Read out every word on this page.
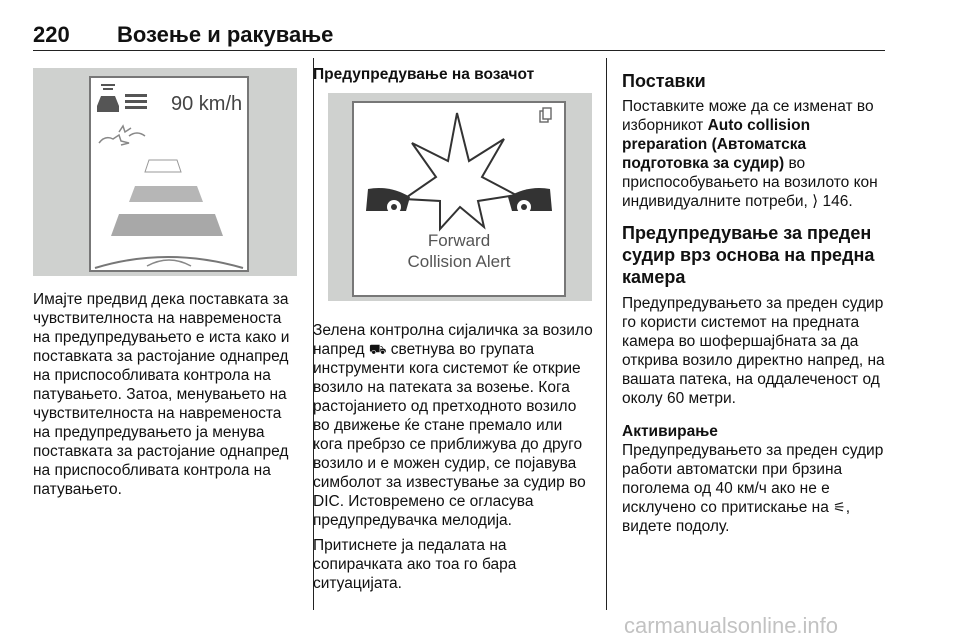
220 Возење и ракување
90 km/h
Имајте предвид дека поставката за чувствителноста на навременоста на предупредувањето е иста како и поставката за растојание однапред на приспособливата контрола на патувањето. Затоа, менувањето на чувствителноста на навременоста на предупредувањето ја менува поставката за растојание однапред на приспособливата контрола на патувањето.
Предупредување на возачот
Forward
Collision Alert

Зелена контролна сијаличка за возило напред ⛟ светнува во групата инструменти кога системот ќе открие возило на патеката за возење. Кога растојанието од претходното возило во движење ќе стане премало или кога пребрзо се приближува до друго возило и е можен судир, се појавува симболот за известување за судир во DIC. Истовремено се огласува предупредувачка мелодија.

Притиснете ја педалата на сопирачката ако тоа го бара ситуацијата.

Поставки

Поставките може да се изменат во изборникот Auto collision preparation (Автоматска подготовка за судир) во приспособувањето на возилото кон индивидуалните потреби, ⟩ 146.

Предупредување за преден судир врз основа на предна камера

Предупредувањето за преден судир го користи системот на предната камера во шофершајбната за да открива возило директно напред, на вашата патека, на оддалеченост од околу 60 метри.

Активирање

Предупредувањето за преден судир работи автоматски при брзина поголема од 40 км/ч ако не е исклучено со притискање на ⚟, видете подолу.

carmanualsonline.info
